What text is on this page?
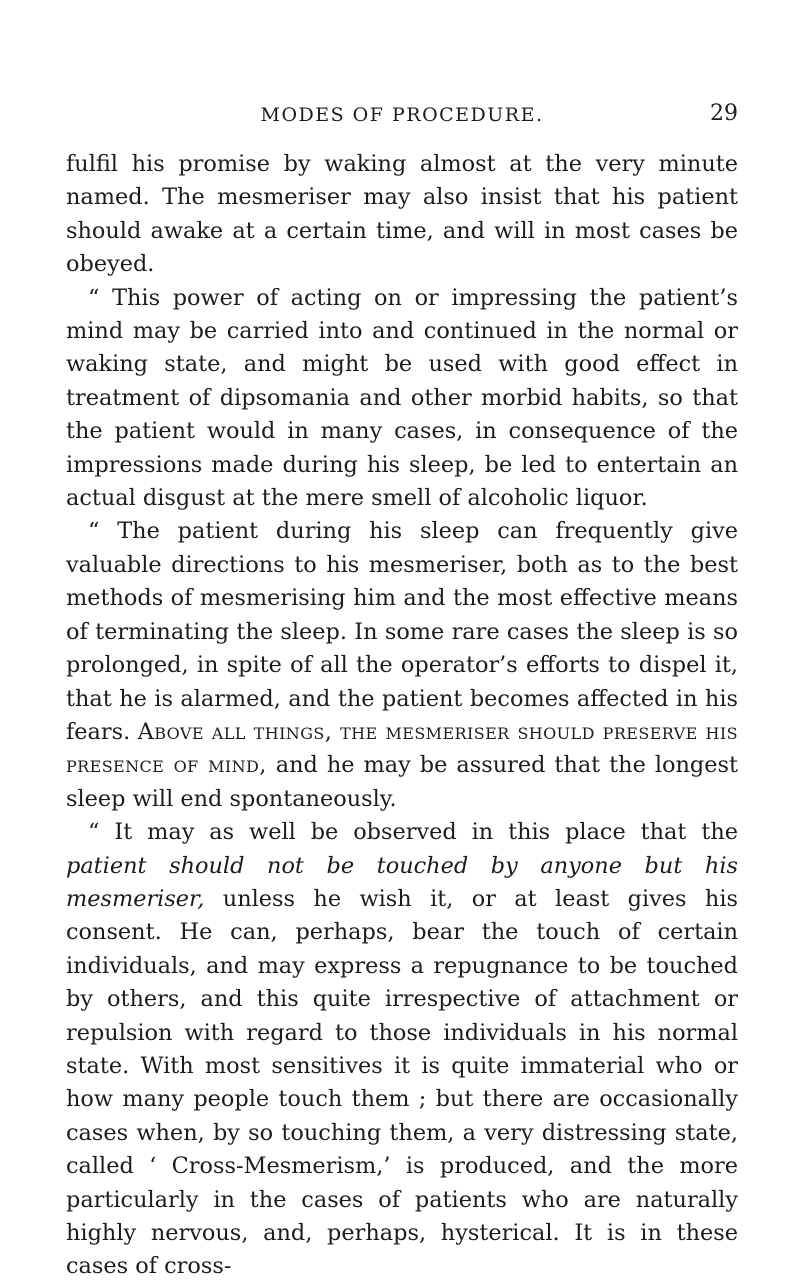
MODES OF PROCEDURE.	29

fulfil his promise by waking almost at the very minute named. The mesmeriser may also insist that his patient should awake at a certain time, and will in most cases be obeyed.

“ This power of acting on or impressing the patient’s mind may be carried into and continued in the normal or waking state, and might be used with good effect in treatment of dipsomania and other morbid habits, so that the patient would in many cases, in consequence of the impressions made during his sleep, be led to entertain an actual disgust at the mere smell of alcoholic liquor.

“ The patient during his sleep can frequently give valuable directions to his mesmeriser, both as to the best methods of mesmerising him and the most effective means of terminating the sleep. In some rare cases the sleep is so prolonged, in spite of all the operator’s efforts to dispel it, that he is alarmed, and the patient becomes affected in his fears. Above all things, the mesmeriser should preserve his presence of mind, and he may be assured that the longest sleep will end spontaneously.

“ It may as well be observed in this place that the patient should not be touched by anyone but his mesmeriser, unless he wish it, or at least gives his consent. He can, perhaps, bear the touch of certain individuals, and may express a repugnance to be touched by others, and this quite irrespective of attachment or repulsion with regard to those individuals in his normal state. With most sensitives it is quite immaterial who or how many people touch them ; but there are occasionally cases when, by so touching them, a very distressing state, called ‘ Cross-Mesmerism,’ is produced, and the more particularly in the cases of patients who are naturally highly nervous, and, perhaps, hysterical. It is in these cases of cross-
